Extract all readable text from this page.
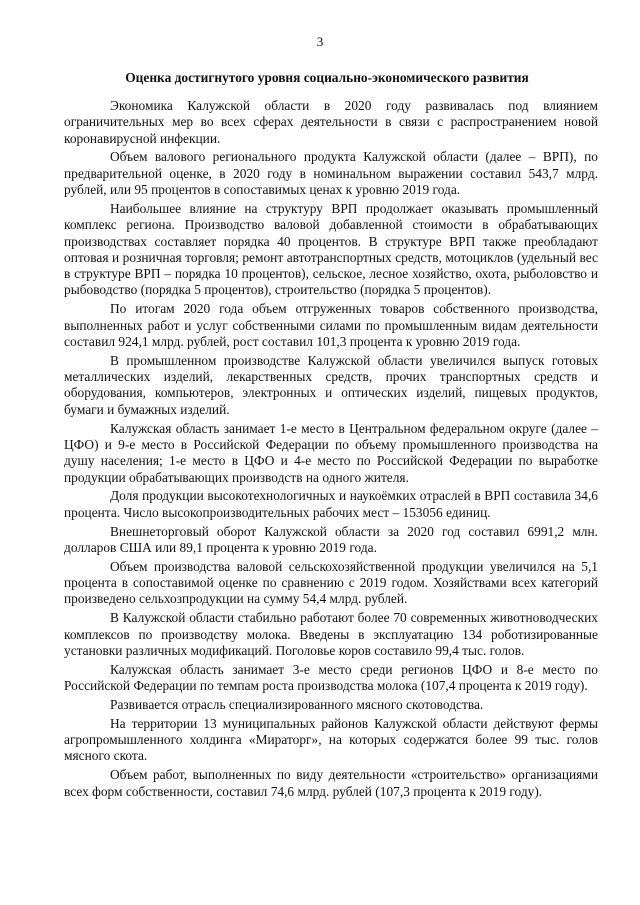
3
Оценка достигнутого уровня социально-экономического развития

Экономика Калужской области в 2020 году развивалась под влиянием ограничительных мер во всех сферах деятельности в связи с распространением новой коронавирусной инфекции.

Объем валового регионального продукта Калужской области (далее – ВРП), по предварительной оценке, в 2020 году в номинальном выражении составил 543,7 млрд. рублей, или 95 процентов в сопоставимых ценах к уровню 2019 года.

Наибольшее влияние на структуру ВРП продолжает оказывать промышленный комплекс региона. Производство валовой добавленной стоимости в обрабатывающих производствах составляет порядка 40 процентов. В структуре ВРП также преобладают оптовая и розничная торговля; ремонт автотранспортных средств, мотоциклов (удельный вес в структуре ВРП – порядка 10 процентов), сельское, лесное хозяйство, охота, рыболовство и рыбоводство (порядка 5 процентов), строительство (порядка 5 процентов).

По итогам 2020 года объем отгруженных товаров собственного производства, выполненных работ и услуг собственными силами по промышленным видам деятельности составил 924,1 млрд. рублей, рост составил 101,3 процента к уровню 2019 года.

В промышленном производстве Калужской области увеличился выпуск готовых металлических изделий, лекарственных средств, прочих транспортных средств и оборудования, компьютеров, электронных и оптических изделий, пищевых продуктов, бумаги и бумажных изделий.

Калужская область занимает 1-е место в Центральном федеральном округе (далее – ЦФО) и 9-е место в Российской Федерации по объему промышленного производства на душу населения; 1-е место в ЦФО и 4-е место по Российской Федерации по выработке продукции обрабатывающих производств на одного жителя.

Доля продукции высокотехнологичных и наукоёмких отраслей в ВРП составила 34,6 процента. Число высокопроизводительных рабочих мест – 153056 единиц.

Внешнеторговый оборот Калужской области за 2020 год составил 6991,2 млн. долларов США или 89,1 процента к уровню 2019 года.

Объем производства валовой сельскохозяйственной продукции увеличился на 5,1 процента в сопоставимой оценке по сравнению с 2019 годом. Хозяйствами всех категорий произведено сельхозпродукции на сумму 54,4 млрд. рублей.

В Калужской области стабильно работают более 70 современных животноводческих комплексов по производству молока. Введены в эксплуатацию 134 роботизированные установки различных модификаций. Поголовье коров составило 99,4 тыс. голов.

Калужская область занимает 3-е место среди регионов ЦФО и 8-е место по Российской Федерации по темпам роста производства молока (107,4 процента к 2019 году).

Развивается отрасль специализированного мясного скотоводства.

На территории 13 муниципальных районов Калужской области действуют фермы агропромышленного холдинга «Мираторг», на которых содержатся более 99 тыс. голов мясного скота.

Объем работ, выполненных по виду деятельности «строительство» организациями всех форм собственности, составил 74,6 млрд. рублей (107,3 процента к 2019 году).
